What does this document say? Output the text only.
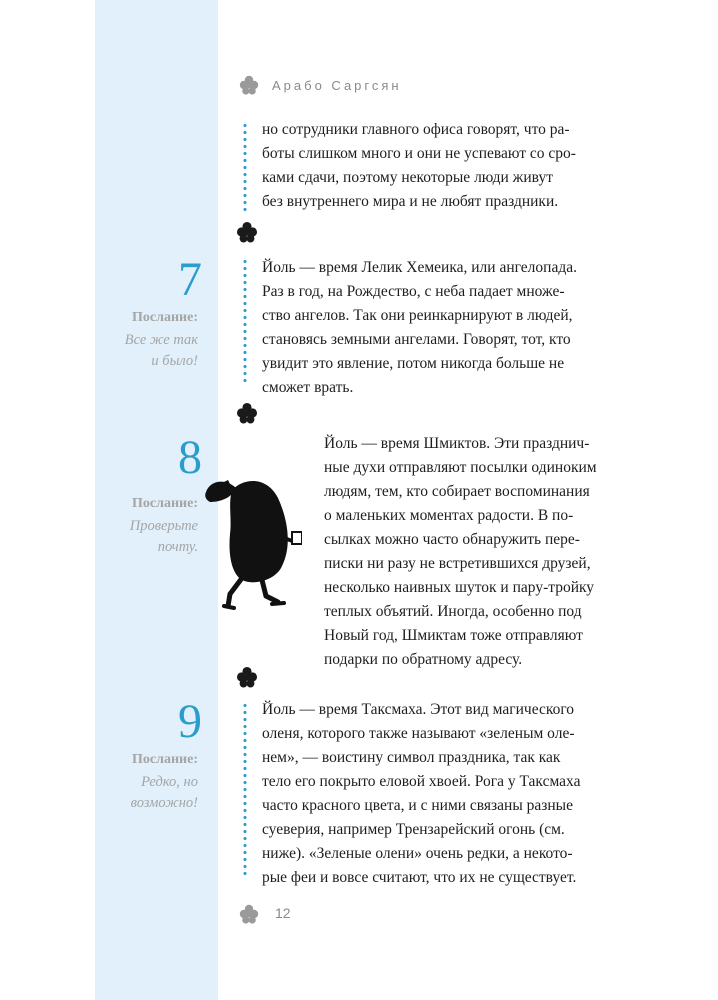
Арабо Саргсян

но сотрудники главного офиса говорят, что ра-
боты слишком много и они не успевают со сро-
ками сдачи, поэтому некоторые люди живут
без внутреннего мира и не любят праздники.

7
Послание:
Все же так
и было!

Йоль — время Лелик Хемеика, или ангелопада.
Раз в год, на Рождество, с неба падает множе-
ство ангелов. Так они реинкарнируют в людей,
становясь земными ангелами. Говорят, тот, кто
увидит это явление, потом никогда больше не
сможет врать.

8
Послание:
Проверьте
почту.

Йоль — время Шмиктов. Эти празднич-
ные духи отправляют посылки одиноким
людям, тем, кто собирает воспоминания
о маленьких моментах радости. В по-
сылках можно часто обнаружить пере-
писки ни разу не встретившихся друзей,
несколько наивных шуток и пару-тройку
теплых объятий. Иногда, особенно под
Новый год, Шмиктам тоже отправляют
подарки по обратному адресу.

9
Послание:
Редко, но
возможно!

Йоль — время Таксмаха. Этот вид магического
оленя, которого также называют «зеленым оле-
нем», — воистину символ праздника, так как
тело его покрыто еловой хвоей. Рога у Таксмаха
часто красного цвета, и с ними связаны разные
суеверия, например Трензарейский огонь (см.
ниже). «Зеленые олени» очень редки, а некото-
рые феи и вовсе считают, что их не существует.

12
